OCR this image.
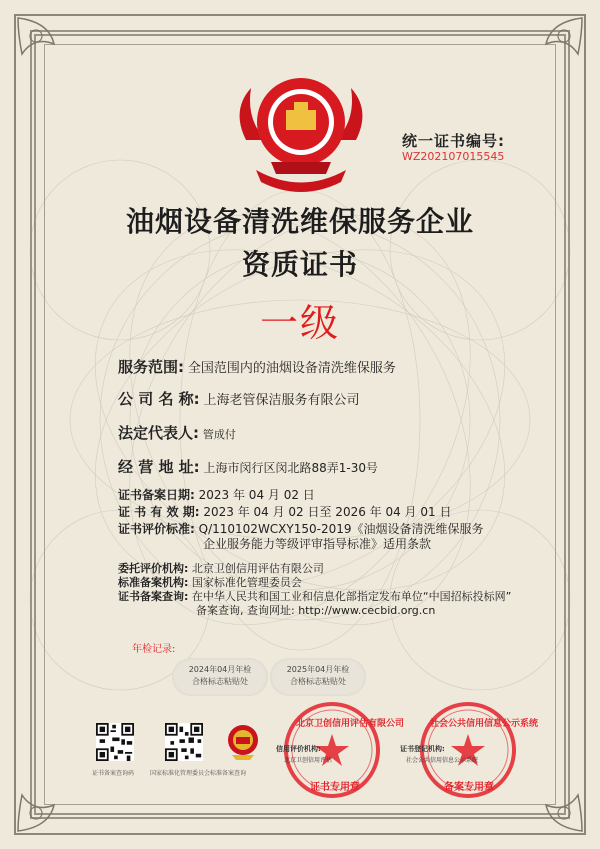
统一证书编号:
WZ202107015545
油烟设备清洗维保服务企业
资质证书
一级
服务范围: 全国范围内的油烟设备清洗维保服务
公 司 名 称: 上海老管保洁服务有限公司
法定代表人: 管成付
经 营 地 址: 上海市闵行区闵北路88弄1-30号
证书备案日期: 2023 年 04 月 02 日
证 书 有 效 期: 2023 年 04 月 02 日至 2026 年 04 月 01 日
证书评价标准: Q/110102WCXY150-2019《油烟设备清洗维保服务
企业服务能力等级评审指导标准》适用条款
委托评价机构: 北京卫创信用评估有限公司
标准备案机构: 国家标准化管理委员会
证书备案查询: 在中华人民共和国工业和信息化部指定发布单位“中国招标投标网”
备案查询, 查询网址: http://www.cecbid.org.cn
年检记录:
2024年04月年检
合格标志粘贴处
2025年04月年检
合格标志粘贴处
证书备案查询码	国家标准化管理委员会标准备案查询
北京卫创信用评估有限公司
证书专用章
信用评价机构:
北京卫创信用评估
社会公共信用信息公示系统
备案专用章
证书登记机构:
社会公共信用信息公示系统
